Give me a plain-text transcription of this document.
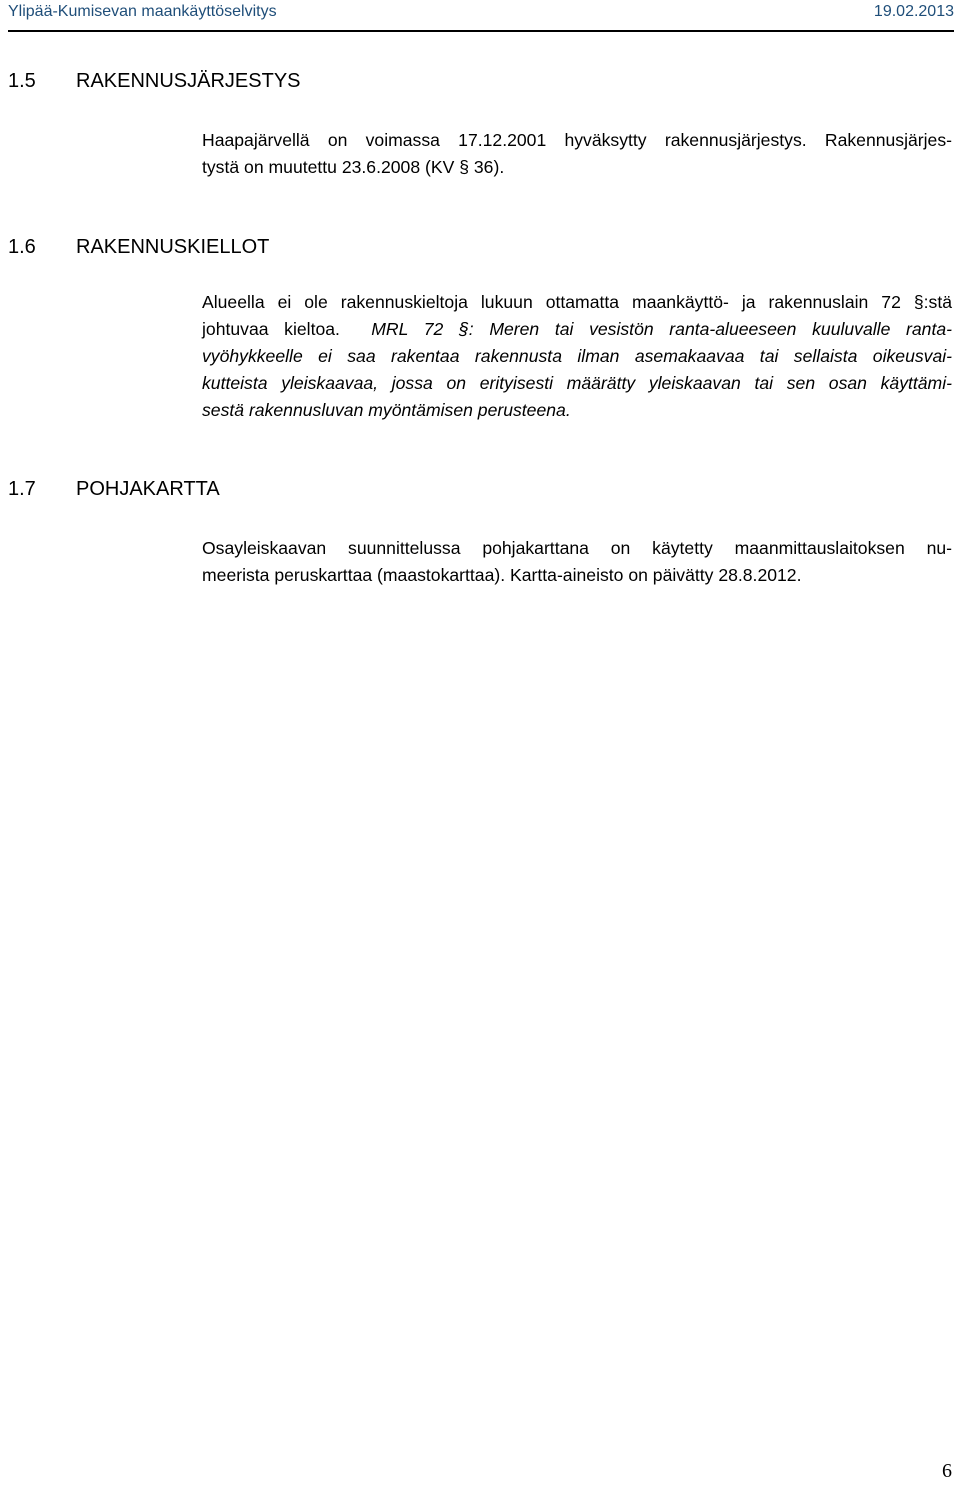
Ylipää-Kumisevan maankäyttöselvitys	19.02.2013
1.5 RAKENNUSJÄRJESTYS
Haapajärvellä on voimassa 17.12.2001 hyväksytty rakennusjärjestys. Rakennusjärjes-
tystä on muutettu 23.6.2008 (KV § 36).
1.6 RAKENNUSKIELLOT
Alueella ei ole rakennuskieltoja lukuun ottamatta maankäyttö- ja rakennuslain 72 §:stä
johtuvaa kieltoa. MRL 72 §: Meren tai vesistön ranta-alueeseen kuuluvalle ranta-
vyöhykkeelle ei saa rakentaa rakennusta ilman asemakaavaa tai sellaista oikeusvai-
kutteista yleiskaavaa, jossa on erityisesti määrätty yleiskaavan tai sen osan käyttämi-
sestä rakennusluvan myöntämisen perusteena.
1.7 POHJAKARTTA
Osayleiskaavan suunnittelussa pohjakarttana on käytetty maanmittauslaitoksen nu-
meerista peruskarttaa (maastokarttaa). Kartta-aineisto on päivätty 28.8.2012.
6
